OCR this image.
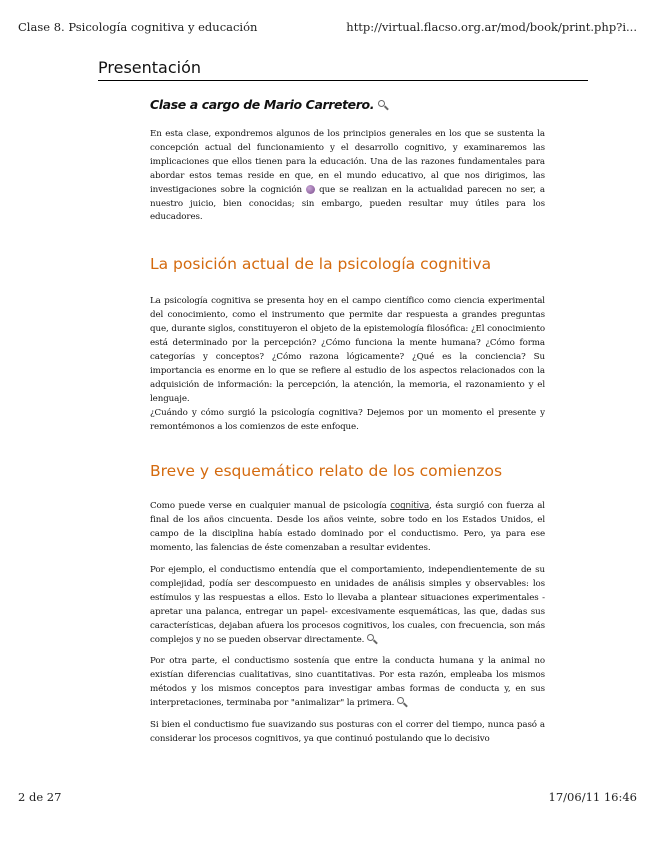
Clase 8. Psicología cognitiva y educación	http://virtual.flacso.org.ar/mod/book/print.php?i...
Presentación
Clase a cargo de Mario Carretero.

En esta clase, expondremos algunos de los principios generales en los que se sustenta la concepción actual del funcionamiento y el desarrollo cognitivo, y examinaremos las implicaciones que ellos tienen para la educación. Una de las razones fundamentales para abordar estos temas reside en que, en el mundo educativo, al que nos dirigimos, las investigaciones sobre la cognición que se realizan en la actualidad parecen no ser, a nuestro juicio, bien conocidas; sin embargo, pueden resultar muy útiles para los educadores.

La posición actual de la psicología cognitiva

La psicología cognitiva se presenta hoy en el campo científico como ciencia experimental del conocimiento, como el instrumento que permite dar respuesta a grandes preguntas que, durante siglos, constituyeron el objeto de la epistemología filosófica: ¿El conocimiento está determinado por la percepción? ¿Cómo funciona la mente humana? ¿Cómo forma categorías y conceptos? ¿Cómo razona lógicamente? ¿Qué es la conciencia? Su importancia es enorme en lo que se refiere al estudio de los aspectos relacionados con la adquisición de información: la percepción, la atención, la memoria, el razonamiento y el lenguaje.

¿Cuándo y cómo surgió la psicología cognitiva? Dejemos por un momento el presente y remontémonos a los comienzos de este enfoque.

Breve y esquemático relato de los comienzos

Como puede verse en cualquier manual de psicología cognitiva, ésta surgió con fuerza al final de los años cincuenta. Desde los años veinte, sobre todo en los Estados Unidos, el campo de la disciplina había estado dominado por el conductismo. Pero, ya para ese momento, las falencias de éste comenzaban a resultar evidentes.

Por ejemplo, el conductismo entendía que el comportamiento, independientemente de su complejidad, podía ser descompuesto en unidades de análisis simples y observables: los estímulos y las respuestas a ellos. Esto lo llevaba a plantear situaciones experimentales -apretar una palanca, entregar un papel- excesivamente esquemáticas, las que, dadas sus características, dejaban afuera los procesos cognitivos, los cuales, con frecuencia, son más complejos y no se pueden observar directamente.

Por otra parte, el conductismo sostenía que entre la conducta humana y la animal no existían diferencias cualitativas, sino cuantitativas. Por esta razón, empleaba los mismos métodos y los mismos conceptos para investigar ambas formas de conducta y, en sus interpretaciones, terminaba por "animalizar" la primera.

Si bien el conductismo fue suavizando sus posturas con el correr del tiempo, nunca pasó a considerar los procesos cognitivos, ya que continuó postulando que lo decisivo

2 de 27	17/06/11 16:46
